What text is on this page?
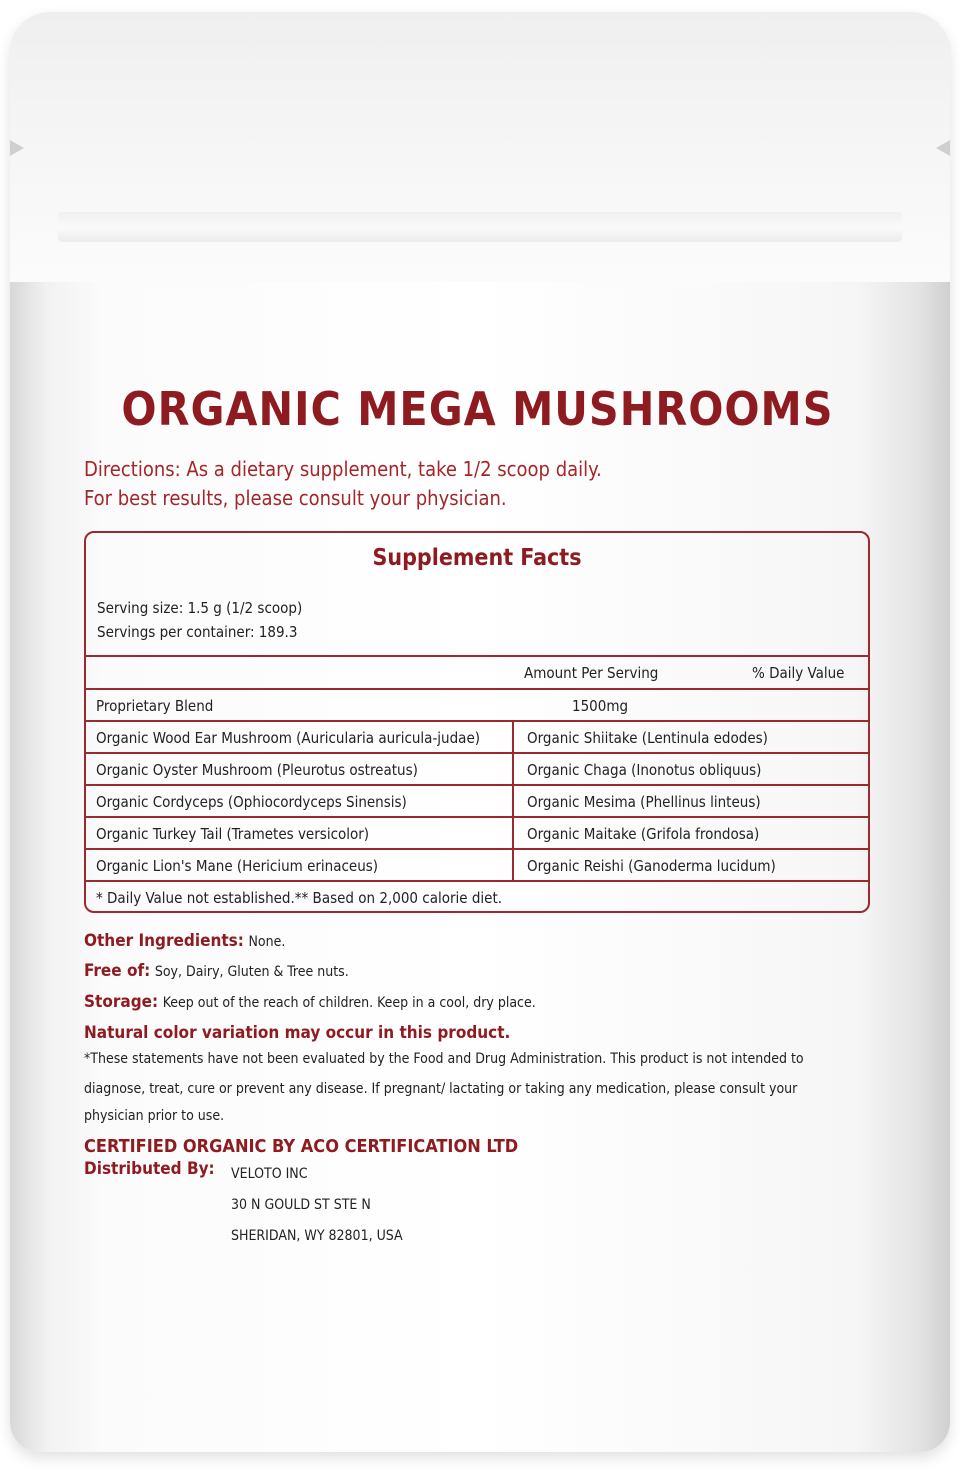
ORGANIC MEGA MUSHROOMS
Directions: As a dietary supplement, take 1/2 scoop daily.
For best results, please consult your physician.
Supplement Facts
Serving size: 1.5 g (1/2 scoop)
Servings per container: 189.3
Amount Per Serving	% Daily Value
Proprietary Blend	1500mg
Organic Wood Ear Mushroom (Auricularia auricula-judae)	Organic Shiitake (Lentinula edodes)
Organic Oyster Mushroom (Pleurotus ostreatus)	Organic Chaga (Inonotus obliquus)
Organic Cordyceps (Ophiocordyceps Sinensis)	Organic Mesima (Phellinus linteus)
Organic Turkey Tail (Trametes versicolor)	Organic Maitake (Grifola frondosa)
Organic Lion's Mane (Hericium erinaceus)	Organic Reishi (Ganoderma lucidum)
* Daily Value not established.** Based on 2,000 calorie diet.
Other Ingredients: None.
Free of: Soy, Dairy, Gluten & Tree nuts.
Storage: Keep out of the reach of children. Keep in a cool, dry place.
Natural color variation may occur in this product.
*These statements have not been evaluated by the Food and Drug Administration. This product is not intended to
diagnose, treat, cure or prevent any disease. If pregnant/ lactating or taking any medication, please consult your
physician prior to use.
CERTIFIED ORGANIC BY ACO CERTIFICATION LTD
Distributed By: VELOTO INC
30 N GOULD ST STE N
SHERIDAN, WY 82801, USA
